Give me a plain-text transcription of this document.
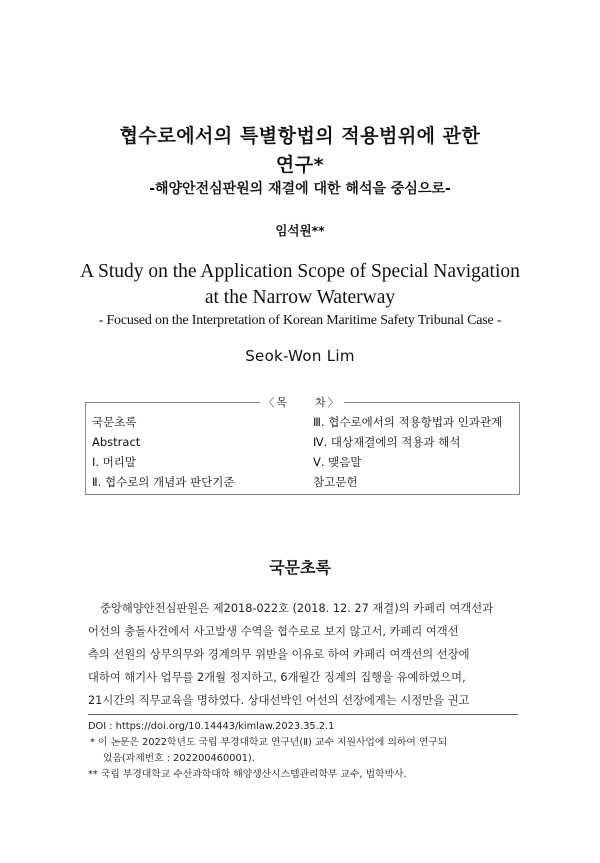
협수로에서의 특별항법의 적용범위에 관한
연구*
-해양안전심판원의 재결에 대한 해석을 중심으로-
임석원**
A Study on the Application Scope of Special Navigation
at the Narrow Waterway
- Focused on the Interpretation of Korean Maritime Safety Tribunal Case -
Seok-Won Lim
〈목　　차〉
국문초록
Abstract
Ⅰ. 머리말
Ⅱ. 협수로의 개념과 판단기준
Ⅲ. 협수로에서의 적용항법과 인과관계
Ⅳ. 대상재결에의 적용과 해석
Ⅴ. 맺음말
참고문헌
국문초록
중앙해양안전심판원은 제2018-022호 (2018. 12. 27 재결)의 카페리 여객선과
어선의 충돌사건에서 사고발생 수역을 협수로로 보지 않고서, 카페리 여객선
측의 선원의 상무의무와 경계의무 위반을 이유로 하여 카페리 여객선의 선장에
대하여 해기사 업무를 2개월 정지하고, 6개월간 징계의 집행을 유예하였으며,
21시간의 직무교육을 명하였다. 상대선박인 어선의 선장에게는 시정만을 권고
DOI : https://doi.org/10.14443/kimlaw.2023.35.2.1
* 이 논문은 2022학년도 국립 부경대학교 연구년(Ⅱ) 교수 지원사업에 의하여 연구되
었음(과제번호 : 202200460001).
** 국립 부경대학교 수산과학대학 해양생산시스템관리학부 교수, 법학박사.
